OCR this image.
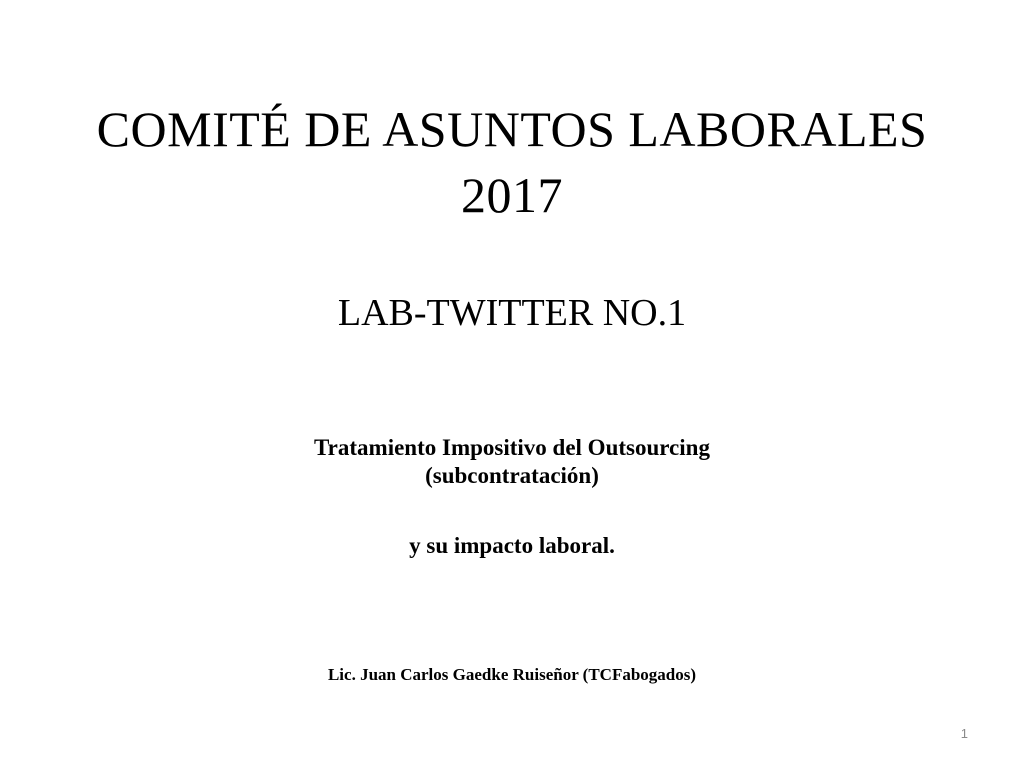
COMITÉ DE ASUNTOS LABORALES
2017
LAB-TWITTER NO.1
Tratamiento Impositivo del Outsourcing
(subcontratación)
y su impacto laboral.
Lic. Juan Carlos Gaedke Ruiseñor (TCFabogados)
1
